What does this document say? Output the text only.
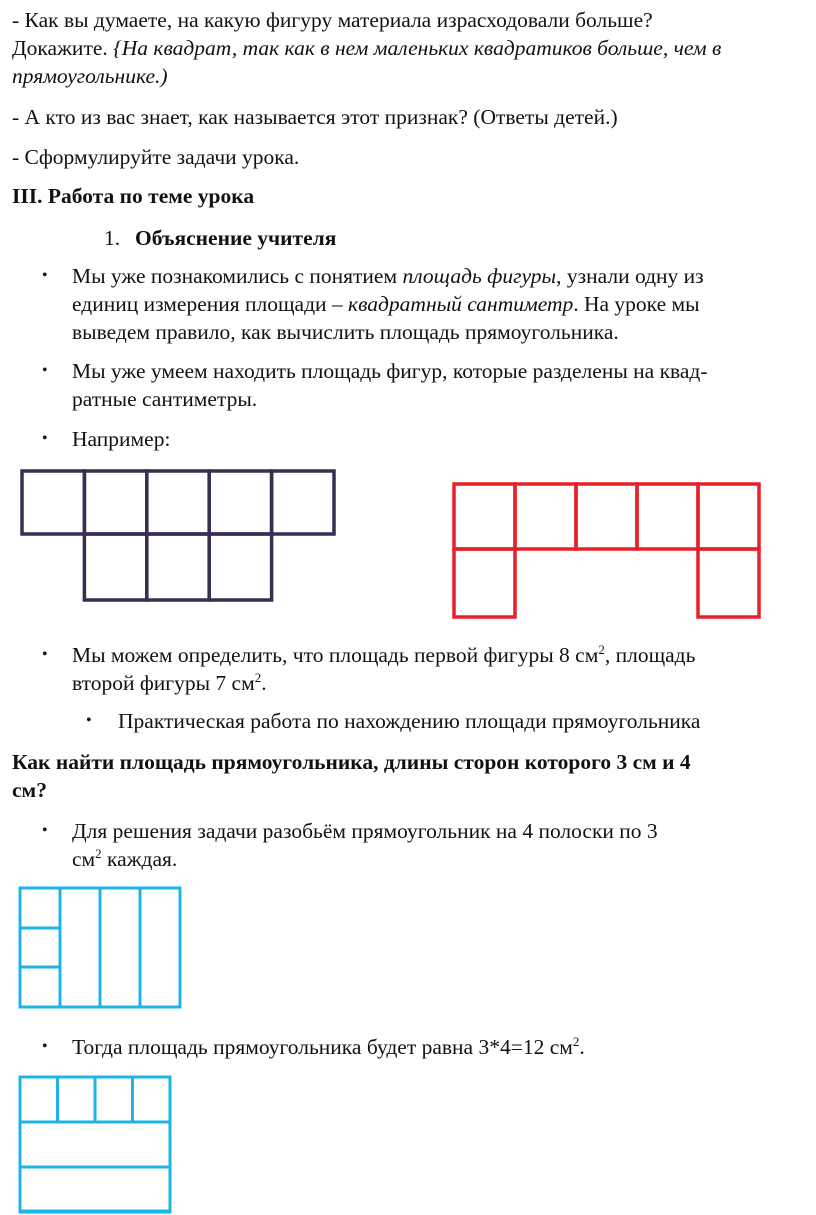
- Как вы думаете, на какую фигуру материала израсходовали больше?
Докажите. {На квадрат, так как в нем маленьких квадратиков больше, чем в
прямоугольнике.)
- А кто из вас знает, как называется этот признак? (Ответы детей.)
- Сформулируйте задачи урока.
III. Работа по теме урока
1. Объяснение учителя
• Мы уже познакомились с понятием площадь фигуры, узнали одну из
единиц измерения площади – квадратный сантиметр. На уроке мы
выведем правило, как вычислить площадь прямоугольника.
• Мы уже умеем находить площадь фигур, которые разделены на квад-
ратные сантиметры.
• Например:
• Мы можем определить, что площадь первой фигуры 8 $см^2$, площадь
второй фигуры 7 $см^2$.
• Практическая работа по нахождению площади прямоугольника
Как найти площадь прямоугольника, длины сторон которого 3 см и 4
см?
• Для решения задачи разобьём прямоугольник на 4 полоски по 3
$см^2$ каждая.
• Тогда площадь прямоугольника будет равна 3*4=12 $см^2$.
